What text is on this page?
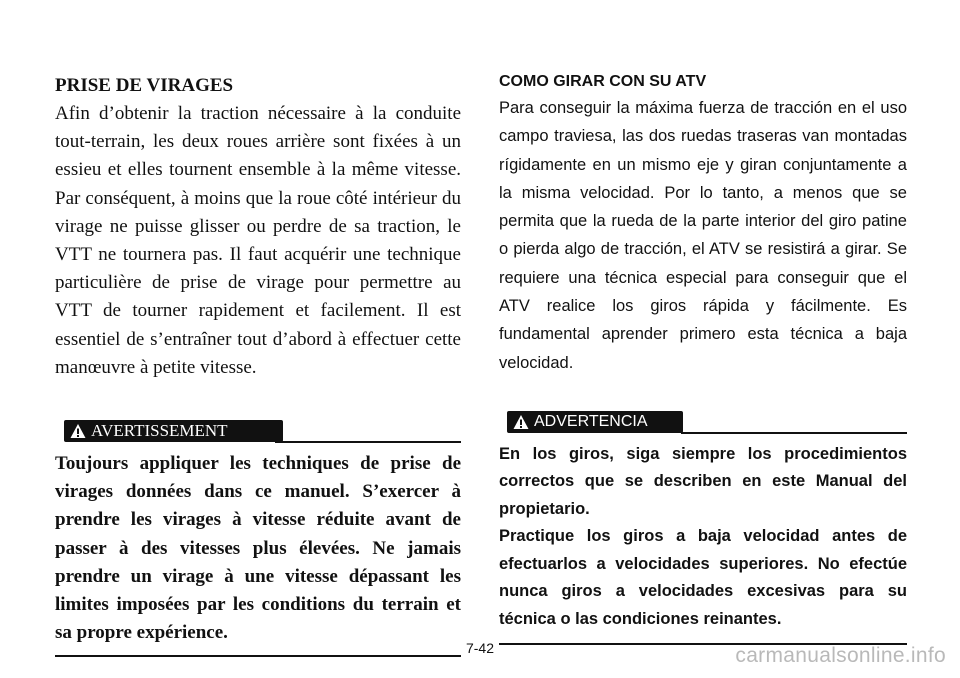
PRISE DE VIRAGES

Afin d’obtenir la traction nécessaire à la conduite tout-terrain, les deux roues arrière sont fixées à un essieu et elles tournent ensemble à la même vitesse. Par conséquent, à moins que la roue côté intérieur du virage ne puisse glisser ou perdre de sa traction, le VTT ne tournera pas. Il faut acquérir une technique particulière de prise de virage pour permettre au VTT de tourner rapidement et facilement. Il est essentiel de s’entraîner tout d’abord à effectuer cette manœuvre à petite vitesse.

AVERTISSEMENT

Toujours appliquer les techniques de prise de virages données dans ce manuel. S’exercer à prendre les virages à vitesse réduite avant de passer à des vitesses plus élevées. Ne jamais prendre un virage à une vitesse dépassant les limites imposées par les conditions du terrain et sa propre expérience.

COMO GIRAR CON SU ATV

Para conseguir la máxima fuerza de tracción en el uso campo traviesa, las dos ruedas traseras van montadas rígidamente en un mismo eje y giran conjuntamente a la misma velocidad. Por lo tanto, a menos que se permita que la rueda de la parte interior del giro patine o pierda algo de tracción, el ATV se resistirá a girar. Se requiere una técnica especial para conseguir que el ATV realice los giros rápida y fácilmente. Es fundamental aprender primero esta técnica a baja velocidad.

ADVERTENCIA

En los giros, siga siempre los procedimientos correctos que se describen en este Manual del propietario.

Practique los giros a baja velocidad antes de efectuarlos a velocidades superiores. No efectúe nunca giros a velocidades excesivas para su técnica o las condiciones reinantes.

7-42	carmanualsonline.info
